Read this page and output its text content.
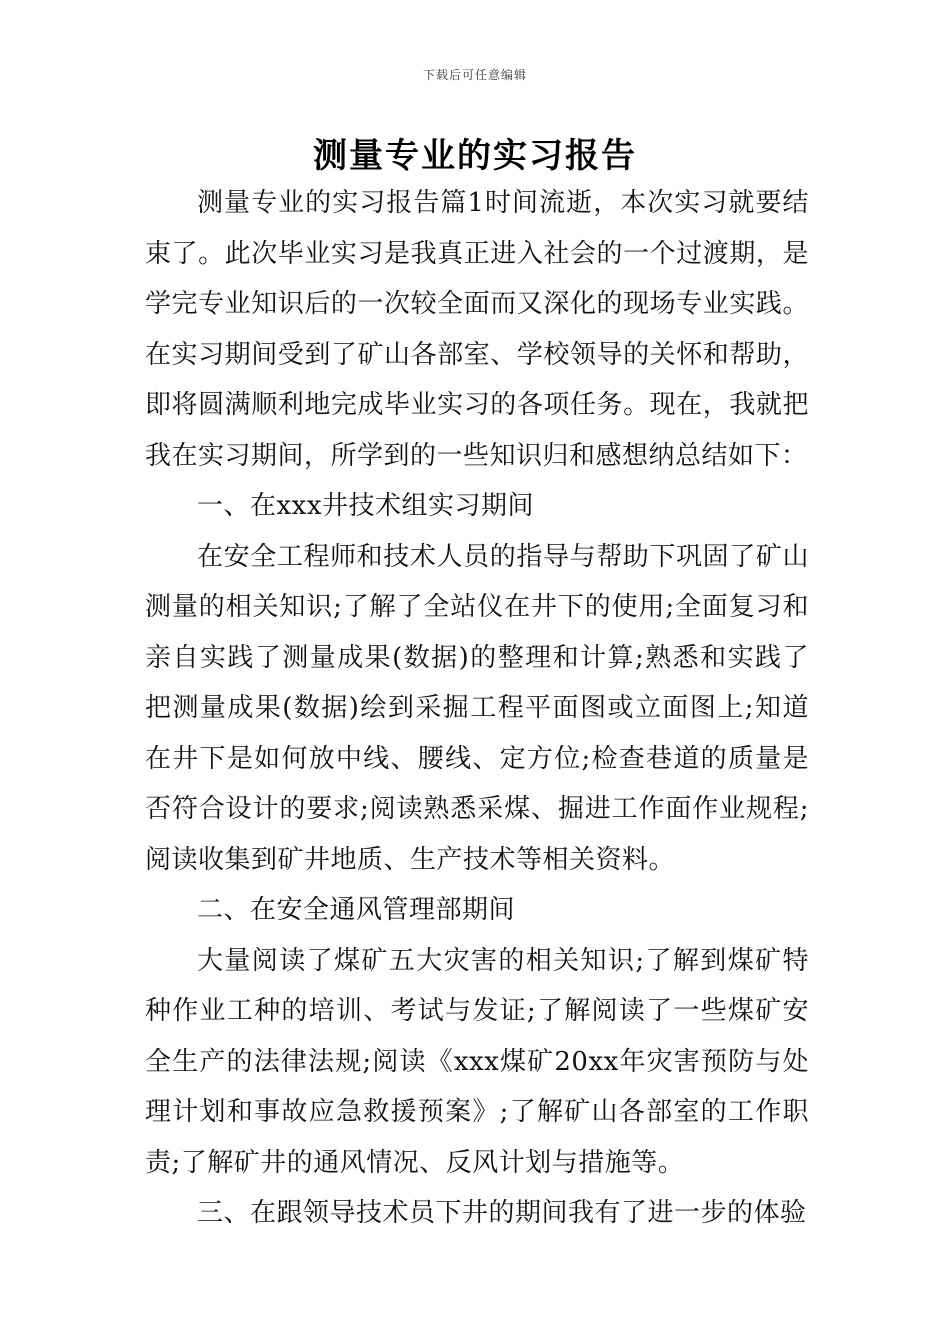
下载后可任意编辑
测量专业的实习报告

测量专业的实习报告篇1时间流逝，本次实习就要结束了。此次毕业实习是我真正进入社会的一个过渡期，是学完专业知识后的一次较全面而又深化的现场专业实践。在实习期间受到了矿山各部室、学校领导的关怀和帮助，即将圆满顺利地完成毕业实习的各项任务。现在，我就把我在实习期间，所学到的一些知识归和感想纳总结如下：

一、在xxx井技术组实习期间

在安全工程师和技术人员的指导与帮助下巩固了矿山测量的相关知识;了解了全站仪在井下的使用;全面复习和亲自实践了测量成果(数据)的整理和计算;熟悉和实践了把测量成果(数据)绘到采掘工程平面图或立面图上;知道在井下是如何放中线、腰线、定方位;检查巷道的质量是否符合设计的要求;阅读熟悉采煤、掘进工作面作业规程;阅读收集到矿井地质、生产技术等相关资料。

二、在安全通风管理部期间

大量阅读了煤矿五大灾害的相关知识;了解到煤矿特种作业工种的培训、考试与发证;了解阅读了一些煤矿安全生产的法律法规;阅读《xxx煤矿20xx年灾害预防与处理计划和事故应急救援预案》;了解矿山各部室的工作职责;了解矿井的通风情况、反风计划与措施等。

三、在跟领导技术员下井的期间我有了进一步的体验
